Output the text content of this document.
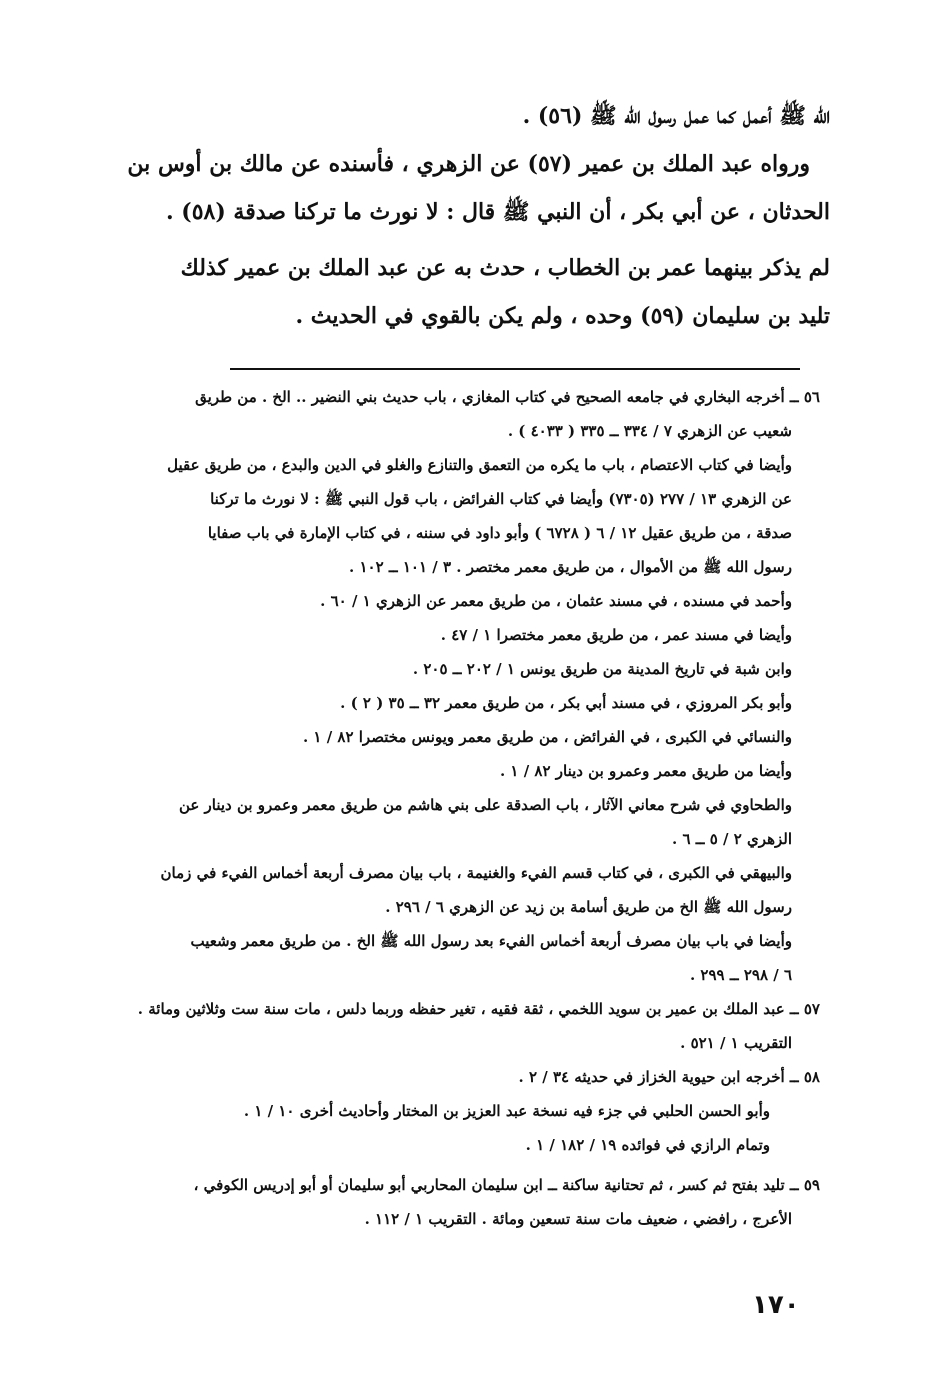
الله ﷺ أعمل كما عمل رسول الله ﷺ (٥٦) .

ورواه عبد الملك بن عمير (٥٧) عن الزهري ، فأسنده عن مالك بن أوس بن

الحدثان ، عن أبي بكر ، أن النبي ﷺ قال : لا نورث ما تركنا صدقة (٥٨) .

لم يذكر بينهما عمر بن الخطاب ، حدث به عن عبد الملك بن عمير كذلك

تليد بن سليمان (٥٩) وحده ، ولم يكن بالقوي في الحديث .

٥٦ ــ أخرجه البخاري في جامعه الصحيح في كتاب المغازي ، باب حديث بني النضير .. الخ . من طريق

شعيب عن الزهري ٧ / ٣٣٤ ــ ٣٣٥ ( ٤٠٣٣ ) .

وأيضا في كتاب الاعتصام ، باب ما يكره من التعمق والتنازع والغلو في الدين والبدع ، من طريق عقيل

عن الزهري ١٣ / ٢٧٧ (٧٣٠٥) وأيضا في كتاب الفرائض ، باب قول النبي ﷺ : لا نورث ما تركنا

صدقة ، من طريق عقيل ١٢ / ٦ ( ٦٧٢٨ ) وأبو داود في سننه ، في كتاب الإمارة في باب صفايا

رسول الله ﷺ من الأموال ، من طريق معمر مختصر . ٣ / ١٠١ ــ ١٠٢ .

وأحمد في مسنده ، في مسند عثمان ، من طريق معمر عن الزهري ١ / ٦٠ .

وأيضا في مسند عمر ، من طريق معمر مختصرا ١ / ٤٧ .

وابن شبة في تاريخ المدينة من طريق يونس ١ / ٢٠٢ ــ ٢٠٥ .

وأبو بكر المروزي ، في مسند أبي بكر ، من طريق معمر ٣٢ ــ ٣٥ ( ٢ ) .

والنسائي في الكبرى ، في الفرائض ، من طريق معمر ويونس مختصرا ٨٢ / ١ .

وأيضا من طريق معمر وعمرو بن دينار ٨٢ / ١ .

والطحاوي في شرح معاني الآثار ، باب الصدقة على بني هاشم من طريق معمر وعمرو بن دينار عن

الزهري ٢ / ٥ ــ ٦ .

والبيهقي في الكبرى ، في كتاب قسم الفيء والغنيمة ، باب بيان مصرف أربعة أخماس الفيء في زمان

رسول الله ﷺ الخ من طريق أسامة بن زيد عن الزهري ٦ / ٢٩٦ .

وأيضا في باب بيان مصرف أربعة أخماس الفيء بعد رسول الله ﷺ الخ . من طريق معمر وشعيب

٦ / ٢٩٨ ــ ٢٩٩ .

٥٧ ــ عبد الملك بن عمير بن سويد اللخمي ، ثقة فقيه ، تغير حفظه وربما دلس ، مات سنة ست وثلاثين ومائة .

التقريب ١ / ٥٢١ .

٥٨ ــ أخرجه ابن حيوية الخزاز في حديثه ٣٤ / ٢ .

وأبو الحسن الحلبي في جزء فيه نسخة عبد العزيز بن المختار وأحاديث أخرى ١٠ / ١ .

وتمام الرازي في فوائده ١٩ / ١٨٢ / ١ .

٥٩ ــ تليد بفتح ثم كسر ، ثم تحتانية ساكنة ــ ابن سليمان المحاربي أبو سليمان أو أبو إدريس الكوفي ،

الأعرج ، رافضي ، ضعيف مات سنة تسعين ومائة . التقريب ١ / ١١٢ .

١٧٠
